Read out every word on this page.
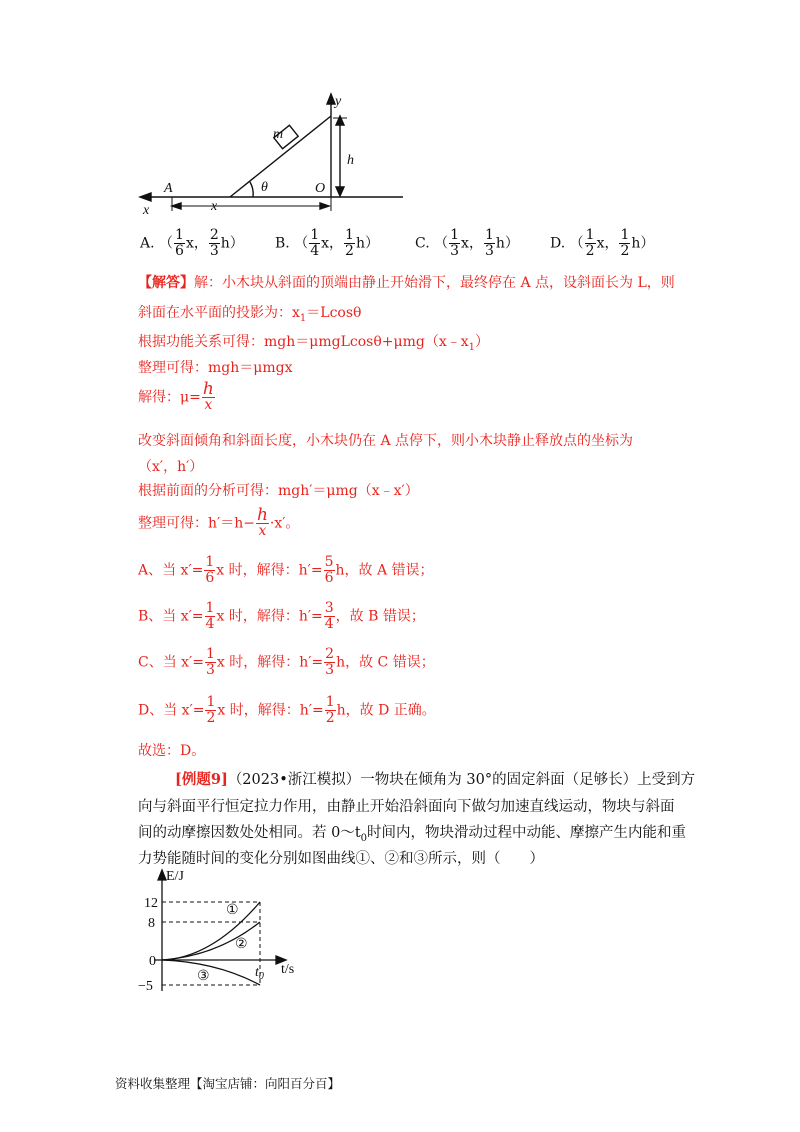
y
m
h
θ
A	O
x	x
A. （ $\frac{1}{6}$ x， $\frac{2}{3} h$） B. （ $\frac{1}{4}$ x， $\frac{1}{2} h$）	C. （ $\frac{1}{3}$ x， $\frac{1}{3} h$） D. （ $\frac{1}{2}$ x， $\frac{1}{2} h$）
【解答】解：小木块从斜面的顶端由静止开始滑下，最终停在 A 点，设斜面长为 L，则
斜面在水平面的投影为：$x_1=Lcos\theta$
根据功能关系可得：$mgh=\mu mgLcos\theta+\mu mg(x﹣x_1)$
整理可得：mgh＝μmgx
解得：$\mu= \frac{h}{x}$
改变斜面倾角和斜面长度，小木块仍在 A 点停下，则小木块静止释放点的坐标为
（x′，h′）
根据前面的分析可得：mgh′＝μmg（x﹣x′）
整理可得：$h'=h- \frac{h}{x} \cdot x'$。
A、当 $x'= \frac{1}{6}$ x 时，解得：$h'= \frac{5}{6}$ h，故 A 错误；
B、当 $x'= \frac{1}{4}$ x 时，解得：$h'= \frac{3}{4}$ ，故 B 错误；
C、当 $x'= \frac{1}{3}$ x 时，解得：$h'= \frac{2}{3}$ h，故 C 错误；
D、当 $x'= \frac{1}{2}$ x 时，解得：$h'= \frac{1}{2}$ h，故 D 正确。
故选：D。
[例题9]（2023•浙江模拟）一物块在倾角为 30°的固定斜面（足够长）上受到方
向与斜面平行恒定拉力作用，由静止开始沿斜面向下做匀加速直线运动，物块与斜面
间的动摩擦因数处处相同。若 $0\sim t_0$时间内，物块滑动过程中动能、摩擦产生内能和重
力势能随时间的变化分别如图曲线①、②和③所示，则（　　）
E/J
t/s
$t_0$
12
8
0
−5
①
②
③
资料收集整理【淘宝店铺：向阳百分百】
